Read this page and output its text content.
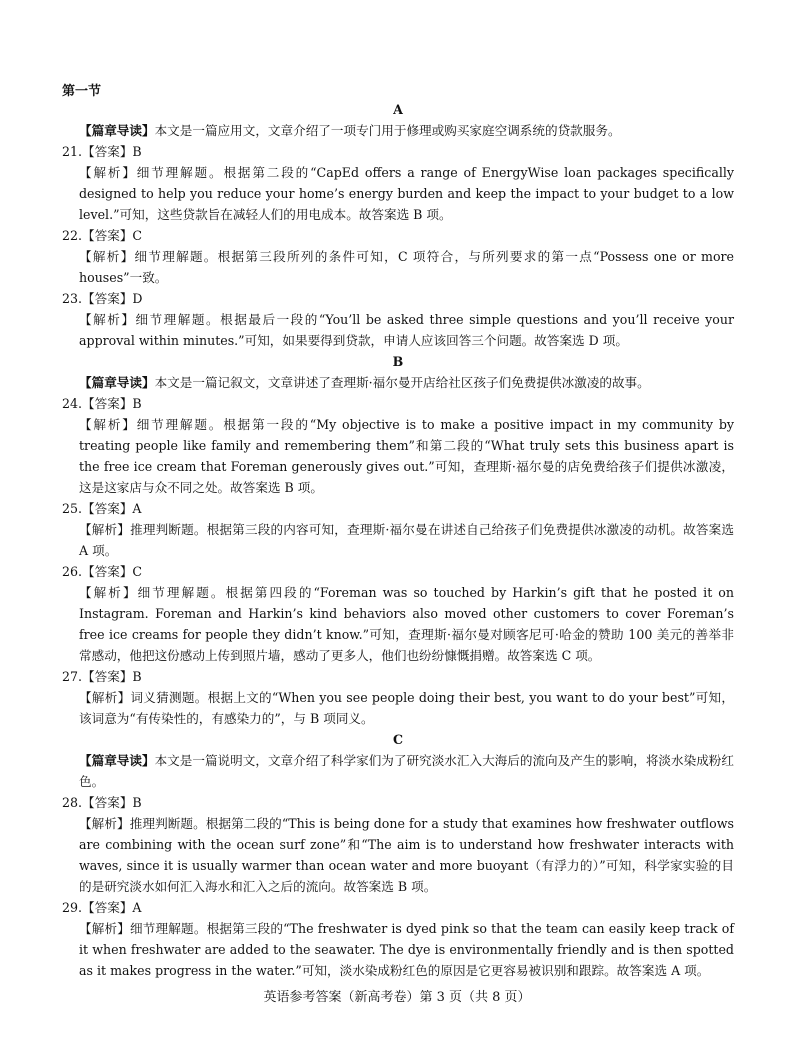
第一节
A
【篇章导读】本文是一篇应用文，文章介绍了一项专门用于修理或购买家庭空调系统的贷款服务。
21.【答案】B
【解析】细节理解题。根据第二段的“CapEd offers a range of EnergyWise loan packages specifically designed to help you reduce your home’s energy burden and keep the impact to your budget to a low level.”可知，这些贷款旨在减轻人们的用电成本。故答案选 B 项。
22.【答案】C
【解析】细节理解题。根据第三段所列的条件可知，C 项符合，与所列要求的第一点“Possess one or more houses”一致。
23.【答案】D
【解析】细节理解题。根据最后一段的“You’ll be asked three simple questions and you’ll receive your approval within minutes.”可知，如果要得到贷款，申请人应该回答三个问题。故答案选 D 项。
B
【篇章导读】本文是一篇记叙文，文章讲述了查理斯·福尔曼开店给社区孩子们免费提供冰激凌的故事。
24.【答案】B
【解析】细节理解题。根据第一段的“My objective is to make a positive impact in my community by treating people like family and remembering them”和第二段的“What truly sets this business apart is the free ice cream that Foreman generously gives out.”可知，查理斯·福尔曼的店免费给孩子们提供冰激凌，这是这家店与众不同之处。故答案选 B 项。
25.【答案】A
【解析】推理判断题。根据第三段的内容可知，查理斯·福尔曼在讲述自己给孩子们免费提供冰激凌的动机。故答案选 A 项。
26.【答案】C
【解析】细节理解题。根据第四段的“Foreman was so touched by Harkin’s gift that he posted it on Instagram. Foreman and Harkin’s kind behaviors also moved other customers to cover Foreman’s free ice creams for people they didn’t know.”可知，查理斯·福尔曼对顾客尼可·哈金的赞助 100 美元的善举非常感动，他把这份感动上传到照片墙，感动了更多人，他们也纷纷慷慨捐赠。故答案选 C 项。
27.【答案】B
【解析】词义猜测题。根据上文的“When you see people doing their best, you want to do your best”可知，该词意为“有传染性的，有感染力的”，与 B 项同义。
C
【篇章导读】本文是一篇说明文，文章介绍了科学家们为了研究淡水汇入大海后的流向及产生的影响，将淡水染成粉红色。
28.【答案】B
【解析】推理判断题。根据第二段的“This is being done for a study that examines how freshwater outflows are combining with the ocean surf zone”和“The aim is to understand how freshwater interacts with waves, since it is usually warmer than ocean water and more buoyant（有浮力的）”可知，科学家实验的目的是研究淡水如何汇入海水和汇入之后的流向。故答案选 B 项。
29.【答案】A
【解析】细节理解题。根据第三段的“The freshwater is dyed pink so that the team can easily keep track of it when freshwater are added to the seawater. The dye is environmentally friendly and is then spotted as it makes progress in the water.”可知，淡水染成粉红色的原因是它更容易被识别和跟踪。故答案选 A 项。
英语参考答案（新高考卷）第 3 页（共 8 页）
